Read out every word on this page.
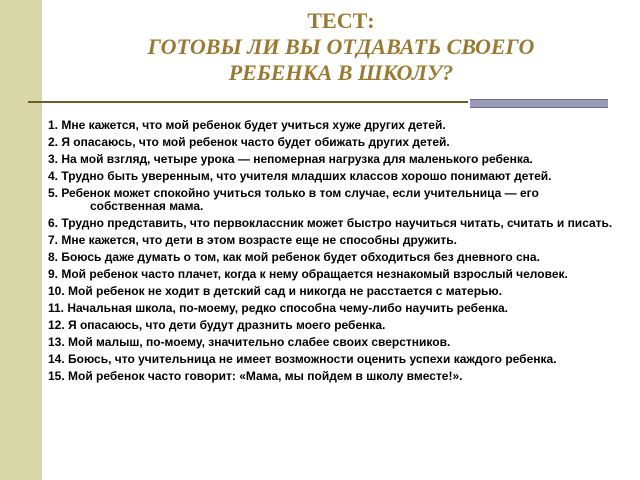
ТЕСТ:
ГОТОВЫ ЛИ ВЫ ОТДАВАТЬ СВОЕГО
РЕБЕНКА В ШКОЛУ?
1. Мне кажется, что мой ребенок будет учиться хуже других детей.
2. Я опасаюсь, что мой ребенок часто будет обижать других детей.
3. На мой взгляд, четыре урока — непомерная нагрузка для маленького ребенка.
4. Трудно быть уверенным, что учителя младших классов хорошо понимают детей.
5. Ребенок может спокойно учиться только в том случае, если учительница — его собственная мама.
6. Трудно представить, что первоклассник может быстро научиться читать, считать и писать.
7. Мне кажется, что дети в этом возрасте еще не способны дружить.
8. Боюсь даже думать о том, как мой ребенок будет обходиться без дневного сна.
9. Мой ребенок часто плачет, когда к нему обращается незнакомый взрослый человек.
10. Мой ребенок не ходит в детский сад и никогда не расстается с матерью.
11. Начальная школа, по-моему, редко способна чему-либо научить ребенка.
12. Я опасаюсь, что дети будут дразнить моего ребенка.
13. Мой малыш, по-моему, значительно слабее своих сверстников.
14. Боюсь, что учительница не имеет возможности оценить успехи каждого ребенка.
15. Мой ребенок часто говорит: «Мама, мы пойдем в школу вместе!».
